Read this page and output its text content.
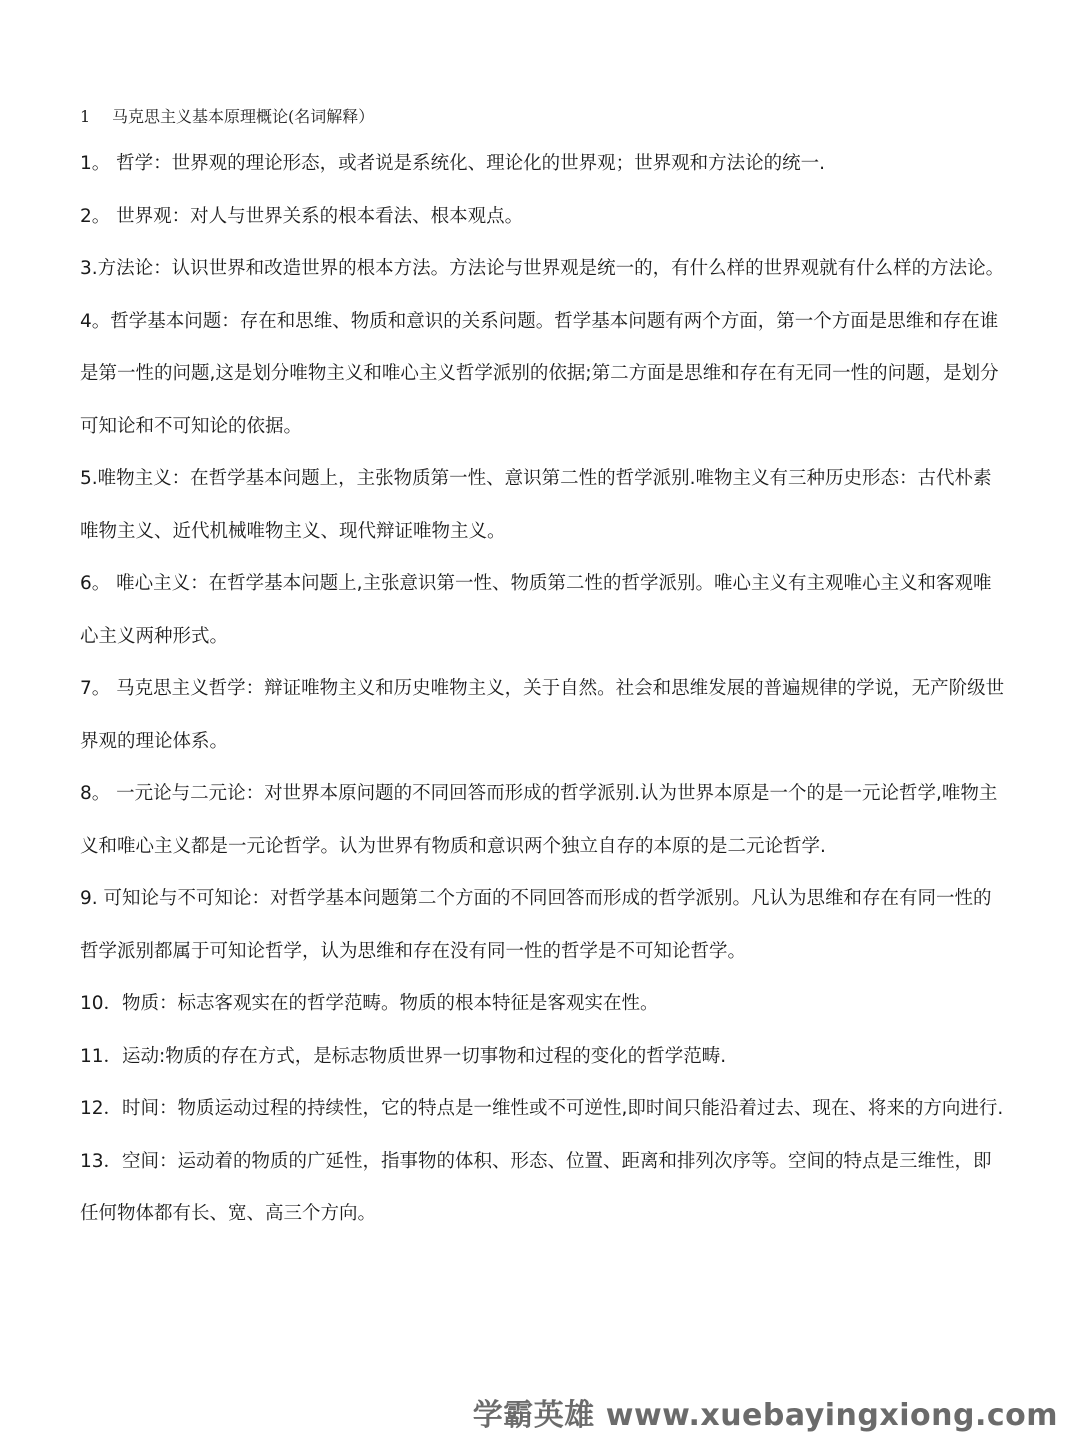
1 马克思主义基本原理概论(名词解释）

1。 哲学：世界观的理论形态，或者说是系统化、理论化的世界观；世界观和方法论的统一.

2。 世界观：对人与世界关系的根本看法、根本观点。

3.方法论：认识世界和改造世界的根本方法。方法论与世界观是统一的，有什么样的世界观就有什么样的方法论。

4。哲学基本问题：存在和思维、物质和意识的关系问题。哲学基本问题有两个方面，第一个方面是思维和存在谁是第一性的问题,这是划分唯物主义和唯心主义哲学派别的依据;第二方面是思维和存在有无同一性的问题，是划分可知论和不可知论的依据。

5.唯物主义：在哲学基本问题上，主张物质第一性、意识第二性的哲学派别.唯物主义有三种历史形态：古代朴素唯物主义、近代机械唯物主义、现代辩证唯物主义。

6。 唯心主义：在哲学基本问题上,主张意识第一性、物质第二性的哲学派别。唯心主义有主观唯心主义和客观唯心主义两种形式。

7。 马克思主义哲学：辩证唯物主义和历史唯物主义，关于自然。社会和思维发展的普遍规律的学说，无产阶级世界观的理论体系。

8。 一元论与二元论：对世界本原问题的不同回答而形成的哲学派别.认为世界本原是一个的是一元论哲学,唯物主义和唯心主义都是一元论哲学。认为世界有物质和意识两个独立自存的本原的是二元论哲学.

9. 可知论与不可知论：对哲学基本问题第二个方面的不同回答而形成的哲学派别。凡认为思维和存在有同一性的哲学派别都属于可知论哲学，认为思维和存在没有同一性的哲学是不可知论哲学。

10．物质：标志客观实在的哲学范畴。物质的根本特征是客观实在性。

11．运动:物质的存在方式，是标志物质世界一切事物和过程的变化的哲学范畴.

12．时间：物质运动过程的持续性，它的特点是一维性或不可逆性,即时间只能沿着过去、现在、将来的方向进行.

13．空间：运动着的物质的广延性，指事物的体积、形态、位置、距离和排列次序等。空间的特点是三维性，即任何物体都有长、宽、高三个方向。

学霸英雄 www.xuebayingxiong.com
